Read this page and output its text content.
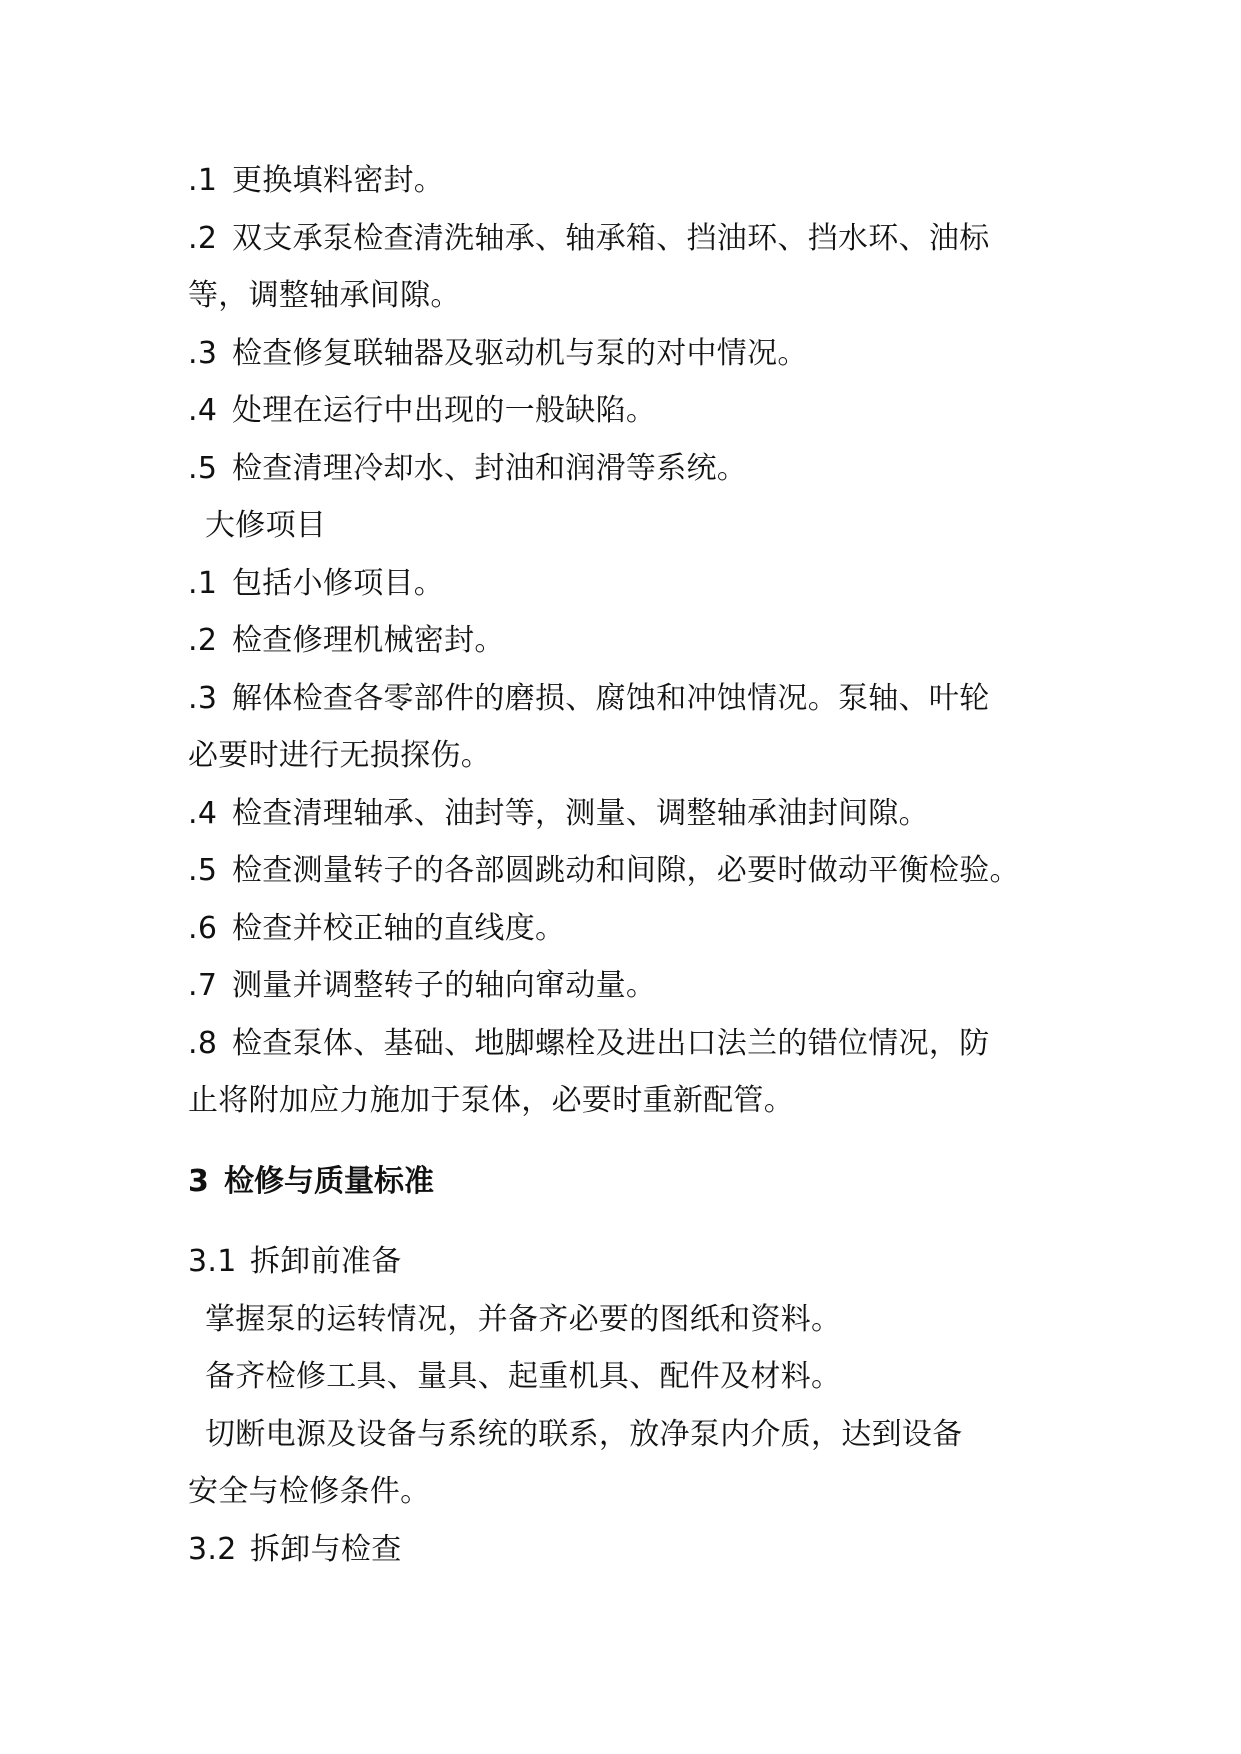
.1 更换填料密封。
.2 双支承泵检查清洗轴承、轴承箱、挡油环、挡水环、油标
等，调整轴承间隙。
.3 检查修复联轴器及驱动机与泵的对中情况。
.4 处理在运行中出现的一般缺陷。
.5 检查清理冷却水、封油和润滑等系统。
大修项目
.1 包括小修项目。
.2 检查修理机械密封。
.3 解体检查各零部件的磨损、腐蚀和冲蚀情况。泵轴、叶轮
必要时进行无损探伤。
.4 检查清理轴承、油封等，测量、调整轴承油封间隙。
.5 检查测量转子的各部圆跳动和间隙，必要时做动平衡检验。
.6 检查并校正轴的直线度。
.7 测量并调整转子的轴向窜动量。
.8 检查泵体、基础、地脚螺栓及进出口法兰的错位情况，防
止将附加应力施加于泵体，必要时重新配管。
3 检修与质量标准
3.1 拆卸前准备
掌握泵的运转情况，并备齐必要的图纸和资料。
备齐检修工具、量具、起重机具、配件及材料。
切断电源及设备与系统的联系，放净泵内介质，达到设备
安全与检修条件。
3.2 拆卸与检查
